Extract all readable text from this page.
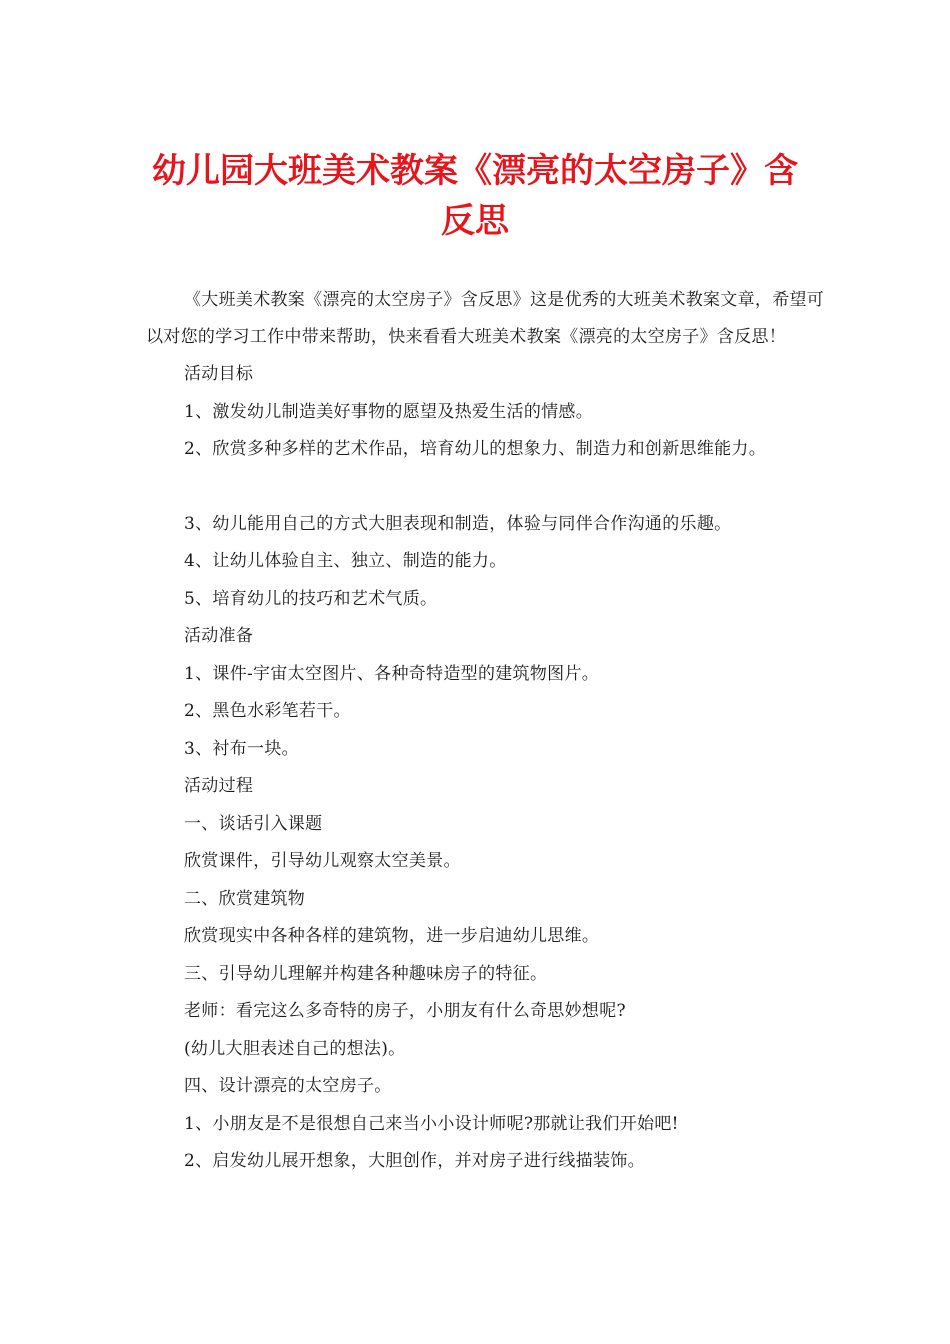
幼儿园大班美术教案《漂亮的太空房子》含
反思

《大班美术教案《漂亮的太空房子》含反思》这是优秀的大班美术教案文章，希望可以对您的学习工作中带来帮助，快来看看大班美术教案《漂亮的太空房子》含反思！

活动目标

1、激发幼儿制造美好事物的愿望及热爱生活的情感。

2、欣赏多种多样的艺术作品，培育幼儿的想象力、制造力和创新思维能力。

3、幼儿能用自己的方式大胆表现和制造，体验与同伴合作沟通的乐趣。

4、让幼儿体验自主、独立、制造的能力。

5、培育幼儿的技巧和艺术气质。

活动准备

1、课件-宇宙太空图片、各种奇特造型的建筑物图片。

2、黑色水彩笔若干。

3、衬布一块。

活动过程

一、谈话引入课题

欣赏课件，引导幼儿观察太空美景。

二、欣赏建筑物

欣赏现实中各种各样的建筑物，进一步启迪幼儿思维。

三、引导幼儿理解并构建各种趣味房子的特征。

老师：看完这么多奇特的房子，小朋友有什么奇思妙想呢?

(幼儿大胆表述自己的想法)。

四、设计漂亮的太空房子。

1、小朋友是不是很想自己来当小小设计师呢?那就让我们开始吧!

2、启发幼儿展开想象，大胆创作，并对房子进行线描装饰。
